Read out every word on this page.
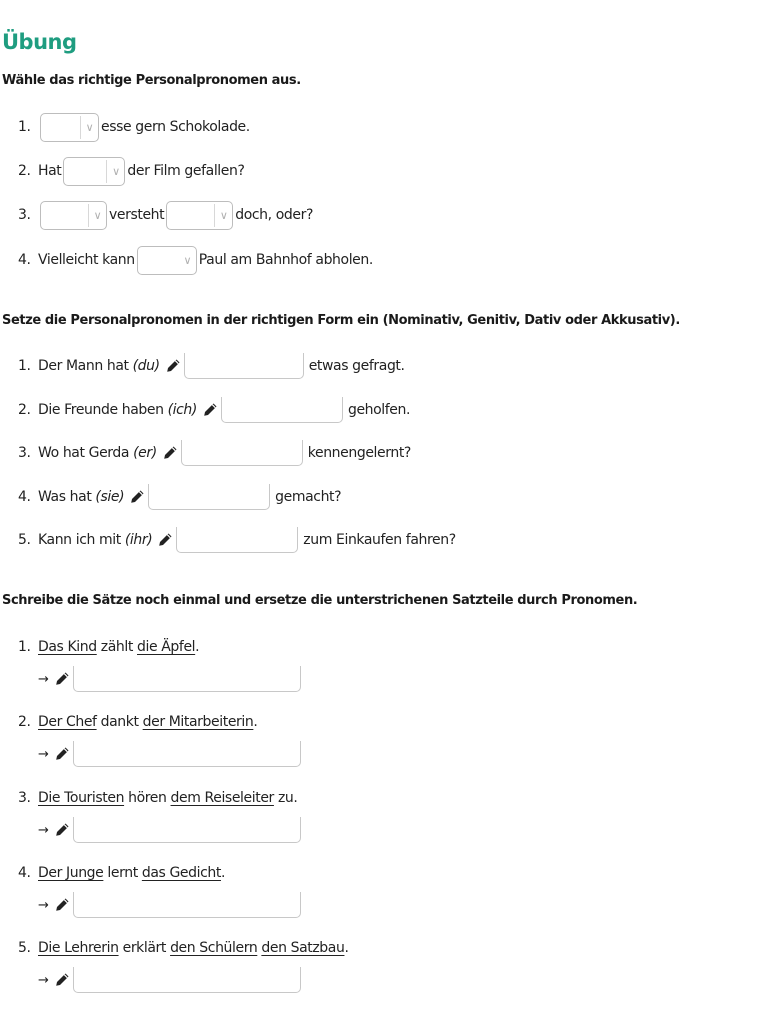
Übung
Wähle das richtige Personalpronomen aus.
1.	∨ esse gern Schokolade.
2. Hat	∨ der Film gefallen?
3.	∨ versteht	∨ doch, oder?
4. Vielleicht kann	∨ Paul am Bahnhof abholen.
Setze die Personalpronomen in der richtigen Form ein (Nominativ, Genitiv, Dativ oder Akkusativ).
1. Der Mann hat (du)	etwas gefragt.
2. Die Freunde haben (ich)	geholfen.
3. Wo hat Gerda (er)	kennengelernt?
4. Was hat (sie)	gemacht?
5. Kann ich mit (ihr)	zum Einkaufen fahren?
Schreibe die Sätze noch einmal und ersetze die unterstrichenen Satzteile durch Pronomen.
1. Das Kind zählt die Äpfel .
→
2. Der Chef dankt der Mitarbeiterin .
→
3. Die Touristen hören dem Reiseleiter zu.
→
4. Der Junge lernt das Gedicht .
→
5. Die Lehrerin erklärt den Schülern
den Satzbau .
→
